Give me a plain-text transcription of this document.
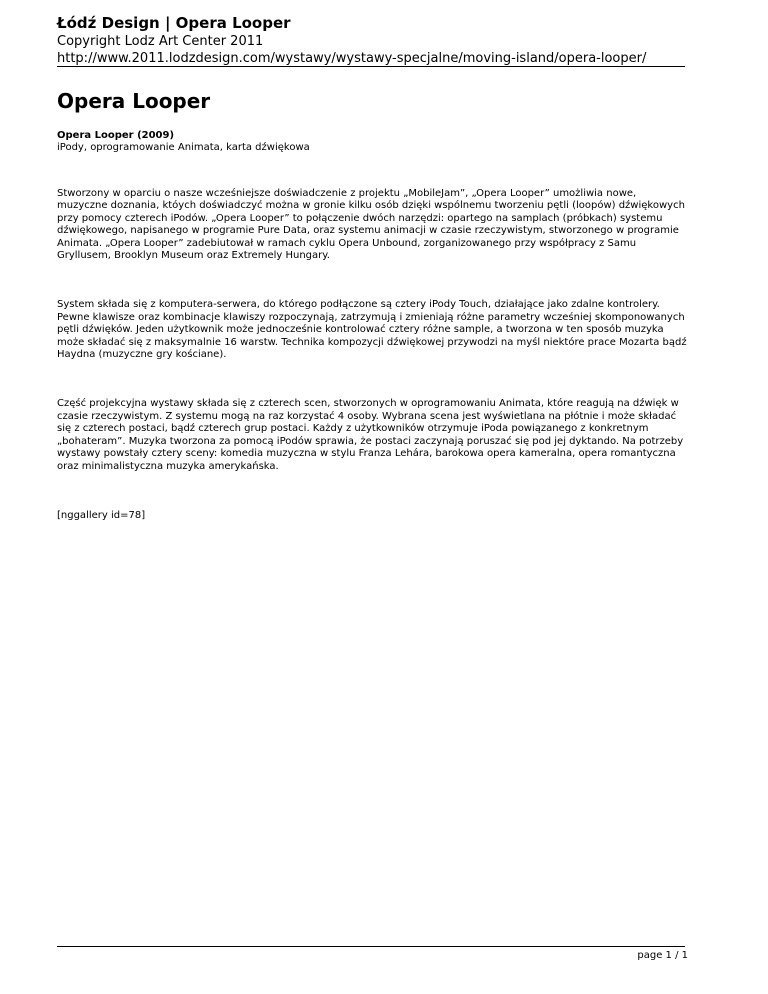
Łódź Design | Opera Looper

Copyright Lodz Art Center 2011

http://www.2011.lodzdesign.com/wystawy/wystawy-specjalne/moving-island/opera-looper/

Opera Looper

Opera Looper (2009)

iPody, oprogramowanie Animata, karta dźwiękowa

Stworzony w oparciu o nasze wcześniejsze doświadczenie z projektu „MobileJam”, „Opera Looper” umożliwia nowe, muzyczne doznania, któych doświadczyć można w gronie kilku osób dzięki wspólnemu tworzeniu pętli (loopów) dźwiękowych przy pomocy czterech iPodów. „Opera Looper” to połączenie dwóch narzędzi: opartego na samplach (próbkach) systemu dźwiękowego, napisanego w programie Pure Data, oraz systemu animacji w czasie rzeczywistym, stworzonego w programie Animata. „Opera Looper” zadebiutował w ramach cyklu Opera Unbound, zorganizowanego przy współpracy z Samu Gryllusem, Brooklyn Museum oraz Extremely Hungary.

System składa się z komputera-serwera, do którego podłączone są cztery iPody Touch, działające jako zdalne kontrolery. Pewne klawisze oraz kombinacje klawiszy rozpoczynają, zatrzymują i zmieniają różne parametry wcześniej skomponowanych pętli dźwięków. Jeden użytkownik może jednocześnie kontrolować cztery różne sample, a tworzona w ten sposób muzyka może składać się z maksymalnie 16 warstw. Technika kompozycji dźwiękowej przywodzi na myśl niektóre prace Mozarta bądź Haydna (muzyczne gry kościane).

Część projekcyjna wystawy składa się z czterech scen, stworzonych w oprogramowaniu Animata, które reagują na dźwięk w czasie rzeczywistym. Z systemu mogą na raz korzystać 4 osoby. Wybrana scena jest wyświetlana na płótnie i może składać się z czterech postaci, bądź czterech grup postaci. Każdy z użytkowników otrzymuje iPoda powiązanego z konkretnym „bohateram”. Muzyka tworzona za pomocą iPodów sprawia, że postaci zaczynają poruszać się pod jej dyktando. Na potrzeby wystawy powstały cztery sceny: komedia muzyczna w stylu Franza Lehára, barokowa opera kameralna, opera romantyczna oraz minimalistyczna muzyka amerykańska.

[nggallery id=78]

page 1 / 1
